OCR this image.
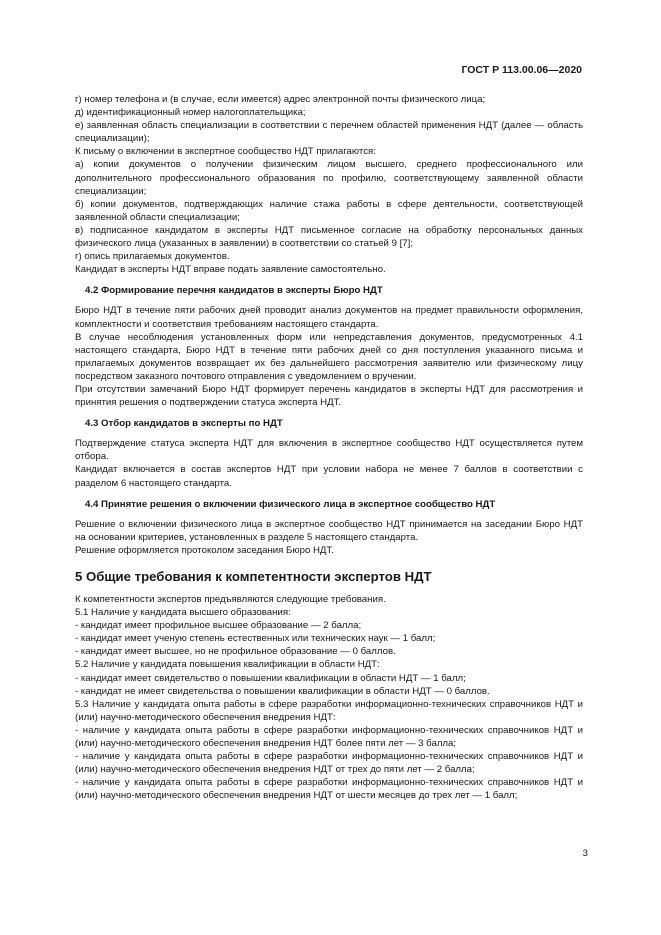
ГОСТ Р 113.00.06—2020

г) номер телефона и (в случае, если имеется) адрес электронной почты физического лица;

д) идентификационный номер налогоплательщика;

е) заявленная область специализации в соответствии с перечнем областей применения НДТ (далее — область специализации);

К письму о включении в экспертное сообщество НДТ прилагаются:

а) копии документов о получении физическим лицом высшего, среднего профессионального или дополнительного профессионального образования по профилю, соответствующему заявленной области специализации;

б) копии документов, подтверждающих наличие стажа работы в сфере деятельности, соответствующей заявленной области специализации;

в) подписанное кандидатом в эксперты НДТ письменное согласие на обработку персональных данных физического лица (указанных в заявлении) в соответствии со статьей 9 [7];

г) опись прилагаемых документов.

Кандидат в эксперты НДТ вправе подать заявление самостоятельно.

4.2 Формирование перечня кандидатов в эксперты Бюро НДТ

Бюро НДТ в течение пяти рабочих дней проводит анализ документов на предмет правильности оформления, комплектности и соответствия требованиям настоящего стандарта.

В случае несоблюдения установленных форм или непредставления документов, предусмотренных 4.1 настоящего стандарта, Бюро НДТ в течение пяти рабочих дней со дня поступления указанного письма и прилагаемых документов возвращает их без дальнейшего рассмотрения заявителю или физическому лицу посредством заказного почтового отправления с уведомлением о вручении.

При отсутствии замечаний Бюро НДТ формирует перечень кандидатов в эксперты НДТ для рассмотрения и принятия решения о подтверждении статуса эксперта НДТ.

4.3 Отбор кандидатов в эксперты по НДТ

Подтверждение статуса эксперта НДТ для включения в экспертное сообщество НДТ осуществляется путем отбора.

Кандидат включается в состав экспертов НДТ при условии набора не менее 7 баллов в соответствии с разделом 6 настоящего стандарта.

4.4 Принятие решения о включении физического лица в экспертное сообщество НДТ

Решение о включении физического лица в экспертное сообщество НДТ принимается на заседании Бюро НДТ на основании критериев, установленных в разделе 5 настоящего стандарта.

Решение оформляется протоколом заседания Бюро НДТ.

5 Общие требования к компетентности экспертов НДТ

К компетентности экспертов предъявляются следующие требования.

5.1 Наличие у кандидата высшего образования:

- кандидат имеет профильное высшее образование — 2 балла;

- кандидат имеет ученую степень естественных или технических наук — 1 балл;

- кандидат имеет высшее, но не профильное образование — 0 баллов.

5.2 Наличие у кандидата повышения квалификации в области НДТ:

- кандидат имеет свидетельство о повышении квалификации в области НДТ — 1 балл;

- кандидат не имеет свидетельства о повышении квалификации в области НДТ — 0 баллов.

5.3 Наличие у кандидата опыта работы в сфере разработки информационно-технических справочников НДТ и (или) научно-методического обеспечения внедрения НДТ:

- наличие у кандидата опыта работы в сфере разработки информационно-технических справочников НДТ и (или) научно-методического обеспечения внедрения НДТ более пяти лет — 3 балла;

- наличие у кандидата опыта работы в сфере разработки информационно-технических справочников НДТ и (или) научно-методического обеспечения внедрения НДТ от трех до пяти лет — 2 балла;

- наличие у кандидата опыта работы в сфере разработки информационно-технических справочников НДТ и (или) научно-методического обеспечения внедрения НДТ от шести месяцев до трех лет — 1 балл;

3
